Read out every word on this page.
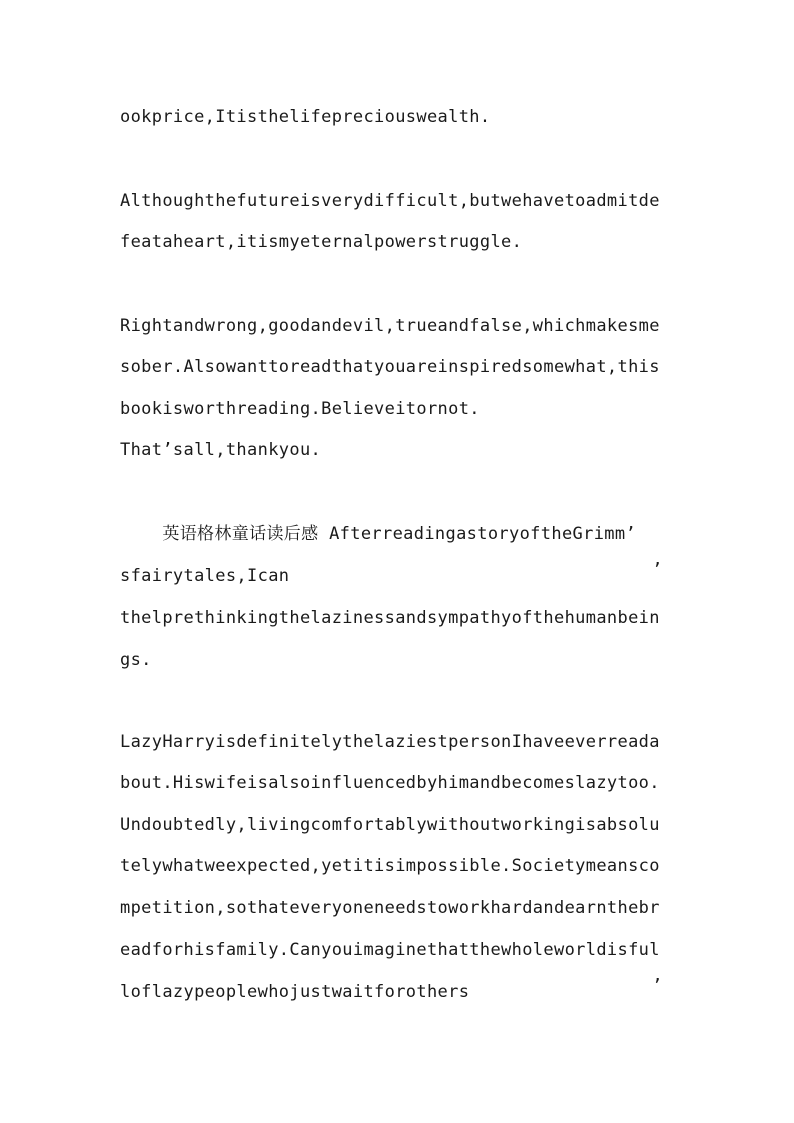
ookprice,Itisthelifepreciouswealth.
Althoughthefutureisverydifficult,butwehavetoadmitde
feataheart,itismyeternalpowerstruggle.
Rightandwrong,goodandevil,trueandfalse,whichmakesme
sober.Alsowanttoreadthatyouareinspiredsomewhat,this
bookisworthreading.Believeitornot.
That’sall,thankyou.
英语格林童话读后感 AfterreadingastoryoftheGrimm’
sfairytales,Ican	’
thelprethinkingthelazinessandsympathyofthehumanbein
gs.
LazyHarryisdefinitelythelaziestpersonIhaveeverreada
bout.Hiswifeisalsoinfluencedbyhimandbecomeslazytoo.
Undoubtedly,livingcomfortablywithoutworkingisabsolu
telywhatweexpected,yetitisimpossible.Societymeansco
mpetition,sothateveryoneneedstoworkhardandearnthebr
eadforhisfamily.Canyouimaginethatthewholeworldisful
loflazypeoplewhojustwaitforothers	’
